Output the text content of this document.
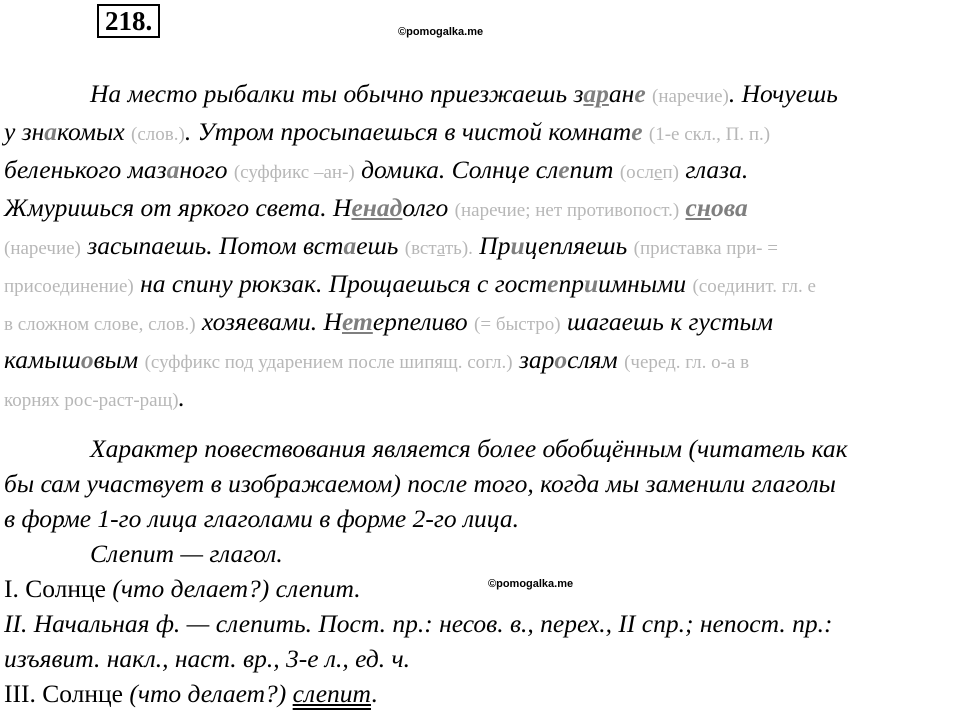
218.	©pomogalka.me
На место рыбалки ты обычно приезжаешь заране (наречие). Ночуешь
у знакомых (слов.). Утром просыпаешься в чистой комнате (1-е скл., П. п.)
беленького мазаного (суффикс –ан-) домика. Солнце слепит (ослеп) глаза.
Жмуришься от яркого света. Ненадолго (наречие; нет противопост.) снова
(наречие) засыпаешь. Потом встаешь (встать). Прицепляешь (приставка при- =
присоединение) на спину рюкзак. Прощаешься с гостеприимными (соединит. гл. е
в сложном слове, слов.) хозяевами. Нетерпеливо (= быстро) шагаешь к густым
камышовым (суффикс под ударением после шипящ. согл.) зарослям (черед. гл. о-а в
корнях рос-раст-ращ).
Характер повествования является более обобщённым (читатель как
бы сам участвует в изображаемом) после того, когда мы заменили глаголы
в форме 1-го лица глаголами в форме 2-го лица.
Слепит — глагол.
©pomogalka.me
I. Солнце (что делает?) слепит.
II. Начальная ф. — слепить. Пост. пр.: несов. в., перех., II спр.; непост. пр.:
изъявит. накл., наст. вр., 3-е л., ед. ч.
III. Солнце (что делает?) слепит.
